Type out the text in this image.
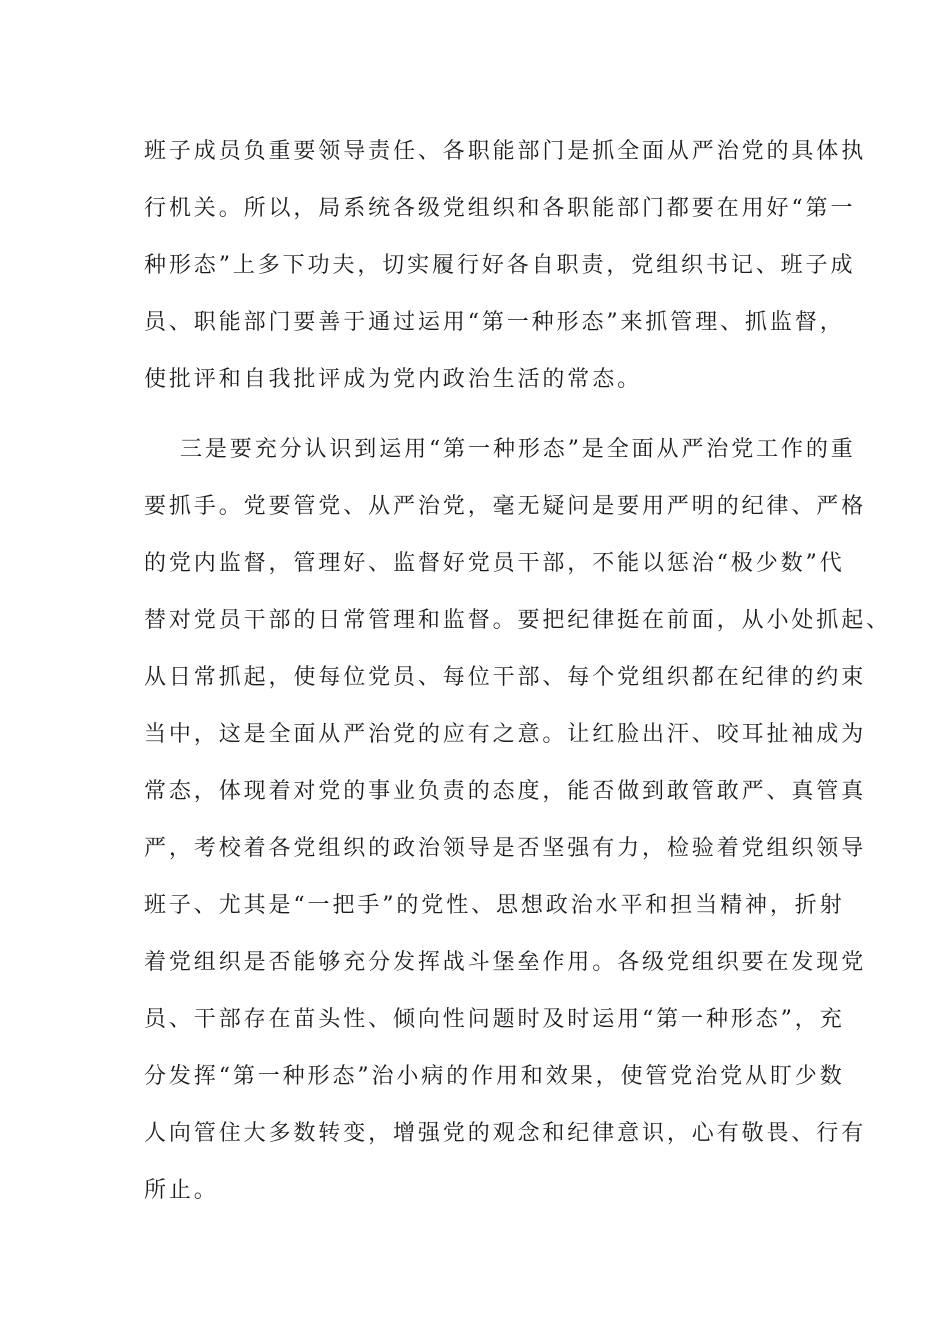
班子成员负重要领导责任、各职能部门是抓全面从严治党的具体执
行机关。所以，局系统各级党组织和各职能部门都要在用好“第一
种形态”上多下功夫，切实履行好各自职责，党组织书记、班子成
员、职能部门要善于通过运用“第一种形态”来抓管理、抓监督，
使批评和自我批评成为党内政治生活的常态。
三是要充分认识到运用“第一种形态”是全面从严治党工作的重
要抓手。党要管党、从严治党，毫无疑问是要用严明的纪律、严格
的党内监督，管理好、监督好党员干部，不能以惩治“极少数”代
替对党员干部的日常管理和监督。要把纪律挺在前面，从小处抓起、
从日常抓起，使每位党员、每位干部、每个党组织都在纪律的约束
当中，这是全面从严治党的应有之意。让红脸出汗、咬耳扯袖成为
常态，体现着对党的事业负责的态度，能否做到敢管敢严、真管真
严，考校着各党组织的政治领导是否坚强有力，检验着党组织领导
班子、尤其是“一把手”的党性、思想政治水平和担当精神，折射
着党组织是否能够充分发挥战斗堡垒作用。各级党组织要在发现党
员、干部存在苗头性、倾向性问题时及时运用“第一种形态”，充
分发挥“第一种形态”治小病的作用和效果，使管党治党从盯少数
人向管住大多数转变，增强党的观念和纪律意识，心有敬畏、行有
所止。
